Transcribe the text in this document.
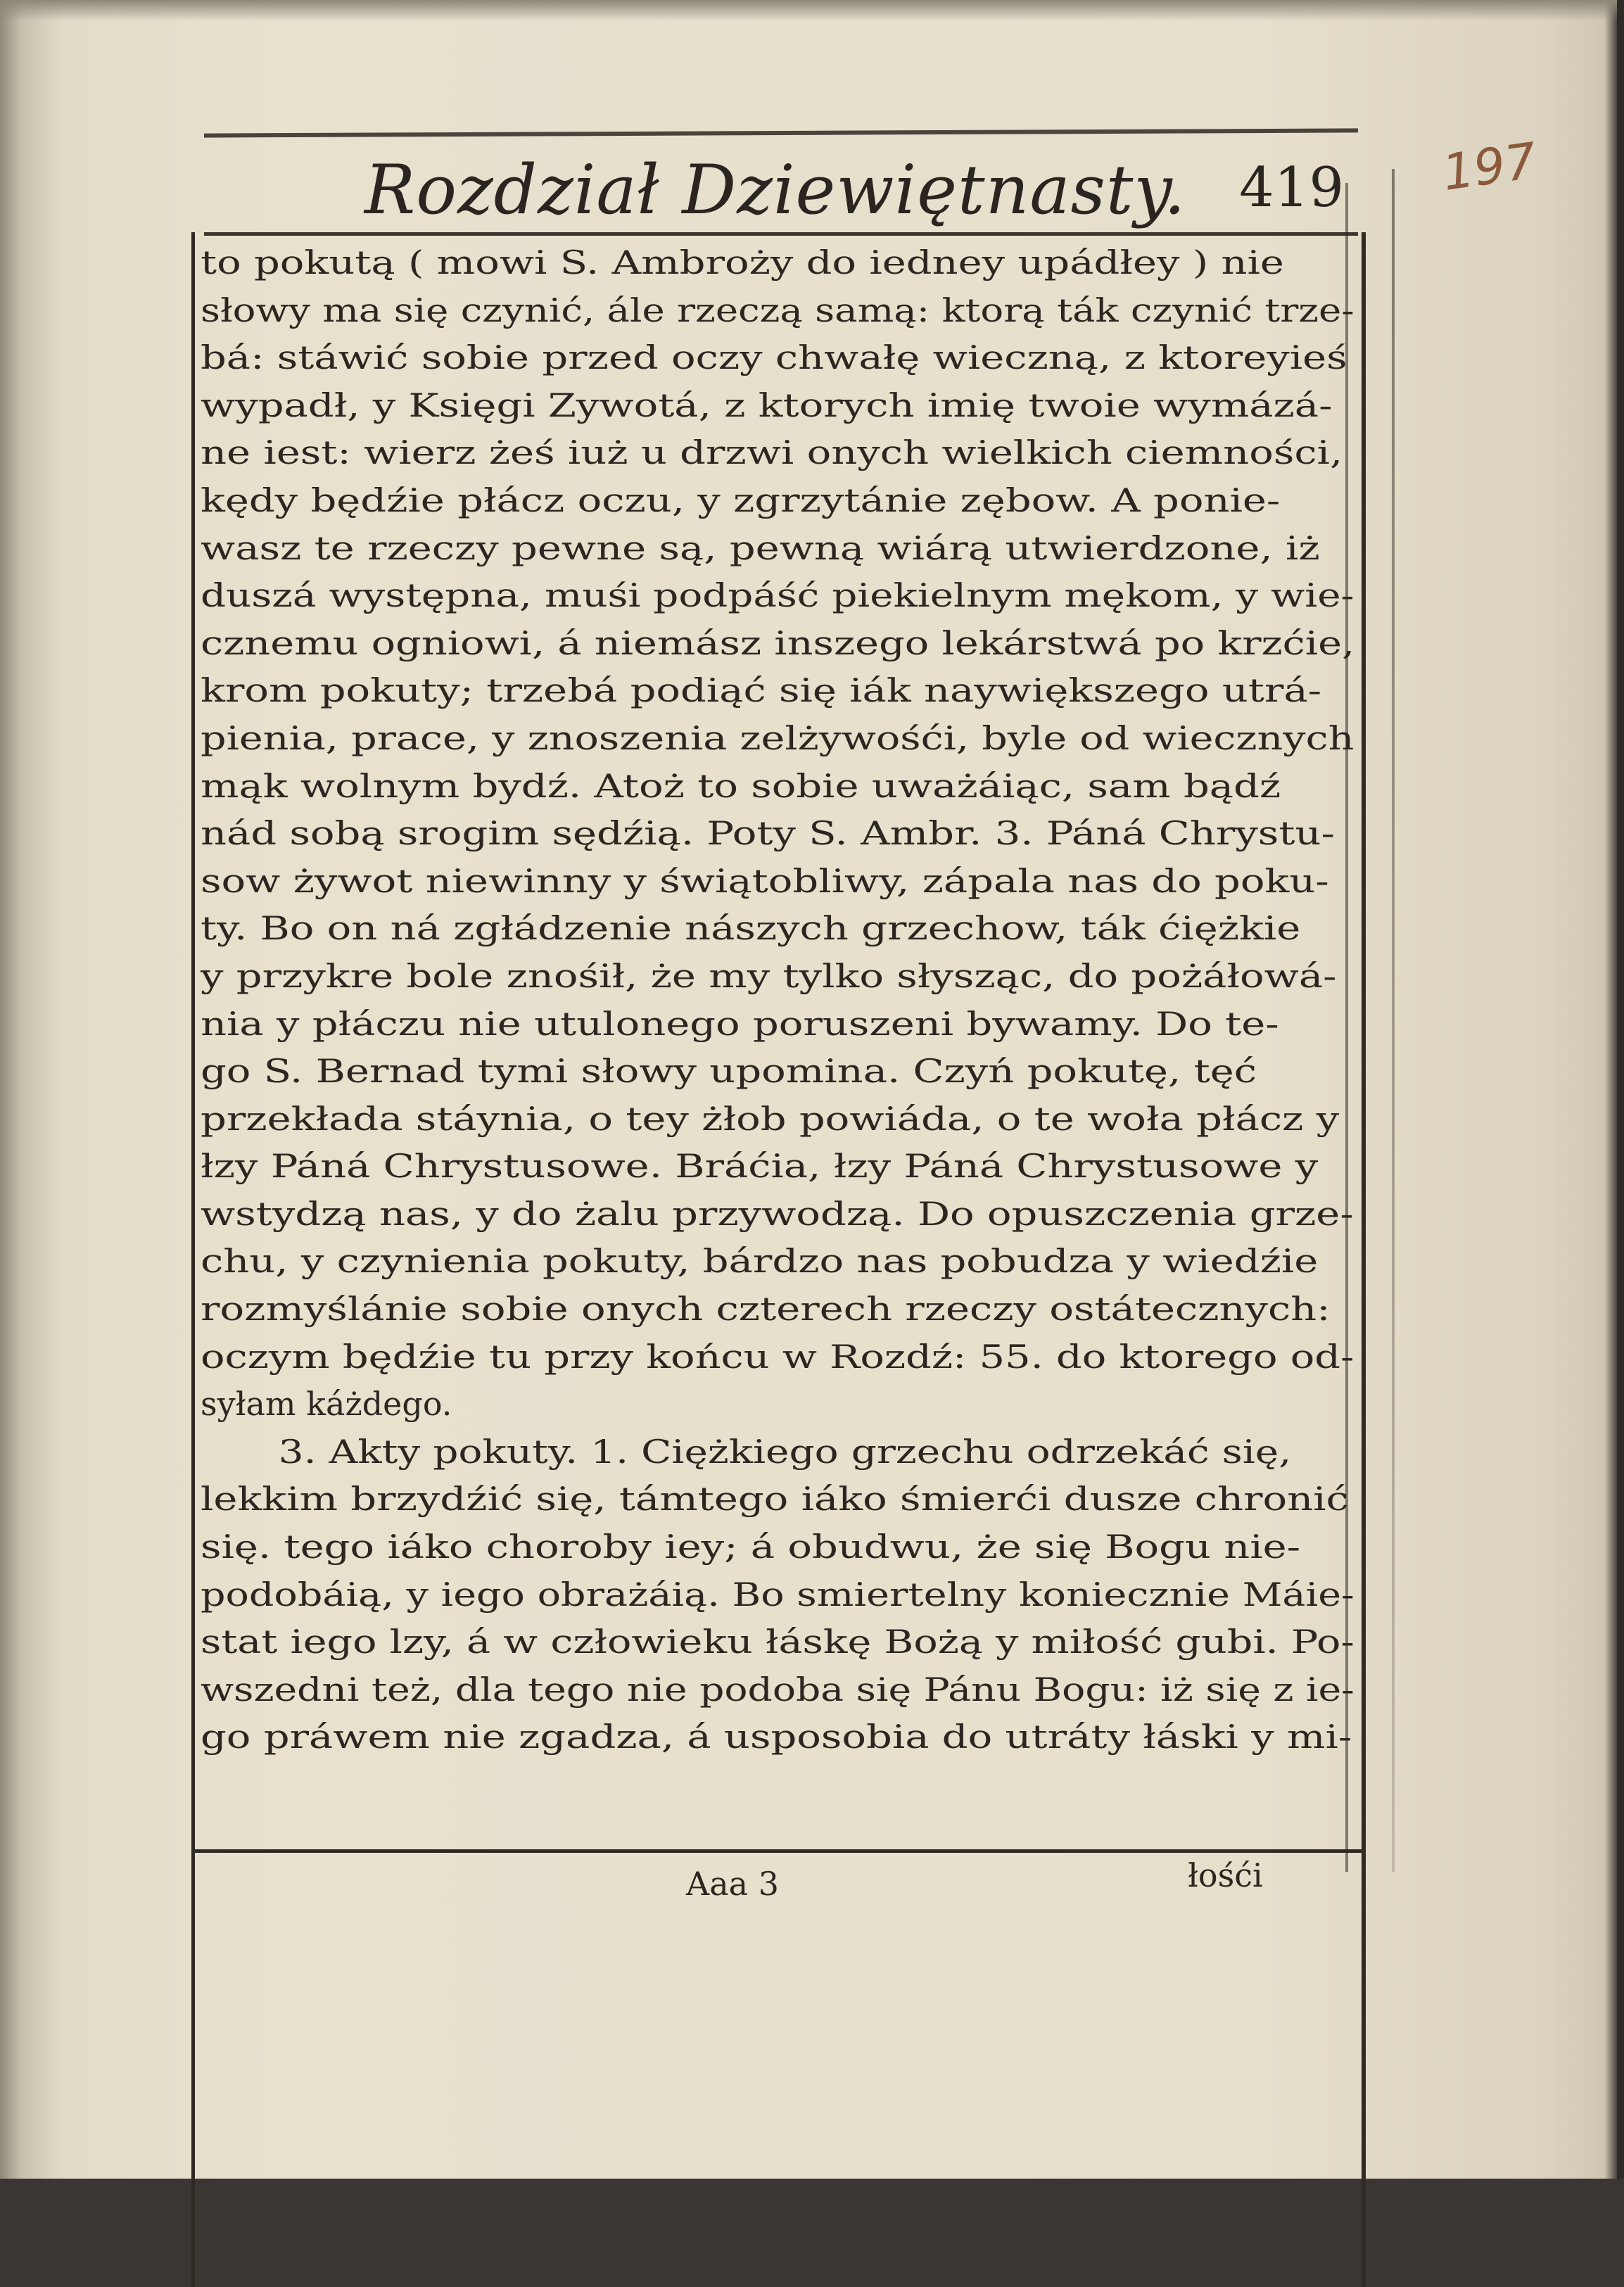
Rozdział Dziewiętnasty. 419

to pokutą ( mowi S. Ambroży do iedney upádłey ) nie

słowy ma się czynić, ále rzeczą samą: ktorą ták czynić trze-

bá: stáwić sobie przed oczy chwałę wieczną, z ktoreyieś

wypadł, y Księgi Zywotá, z ktorych imię twoie wymázá-

ne iest: wierz żeś iuż u drzwi onych wielkich ciemności,

kędy będźie płácz oczu, y zgrzytánie zębow. A ponie-

wasz te rzeczy pewne są, pewną wiárą utwierdzone, iż

duszá występna, muśi podpáść piekielnym mękom, y wie-

cznemu ogniowi, á niemász inszego lekárstwá po krzćie,

krom pokuty; trzebá podiąć się iák naywiększego utrá-

pienia, prace, y znoszenia zelżywośći, byle od wiecznych

mąk wolnym bydź. Atoż to sobie uważáiąc, sam bądź

nád sobą srogim sędźią. Poty S. Ambr. 3. Páná Chrystu-

sow żywot niewinny y świątobliwy, zápala nas do poku-

ty. Bo on ná zgłádzenie nászych grzechow, ták ćiężkie

y przykre bole znośił, że my tylko słysząc, do pożáłowá-

nia y płáczu nie utulonego poruszeni bywamy. Do te-

go S. Bernad tymi słowy upomina. Czyń pokutę, tęć

przekłada stáynia, o tey żłob powiáda, o te woła płácz y

łzy Páná Chrystusowe. Bráćia, łzy Páná Chrystusowe y

wstydzą nas, y do żalu przywodzą. Do opuszczenia grze-

chu, y czynienia pokuty, bárdzo nas pobudza y wiedźie

rozmyślánie sobie onych czterech rzeczy ostátecznych:

oczym będźie tu przy końcu w Rozdź: 55. do ktorego od-

syłam káżdego.

3. Akty pokuty. 1. Ciężkiego grzechu odrzekáć się,

lekkim brzydźić się, támtego iáko śmierći dusze chronić

się. tego iáko choroby iey; á obudwu, że się Bogu nie-

podobáią, y iego obrażáią. Bo smiertelny koniecznie Máie-

stat iego lzy, á w człowieku łáskę Bożą y miłość gubi. Po-

wszedni też, dla tego nie podoba się Pánu Bogu: iż się z ie-

go práwem nie zgadza, á usposobia do utráty łáski y mi-

Aaa 3	łośći
197
